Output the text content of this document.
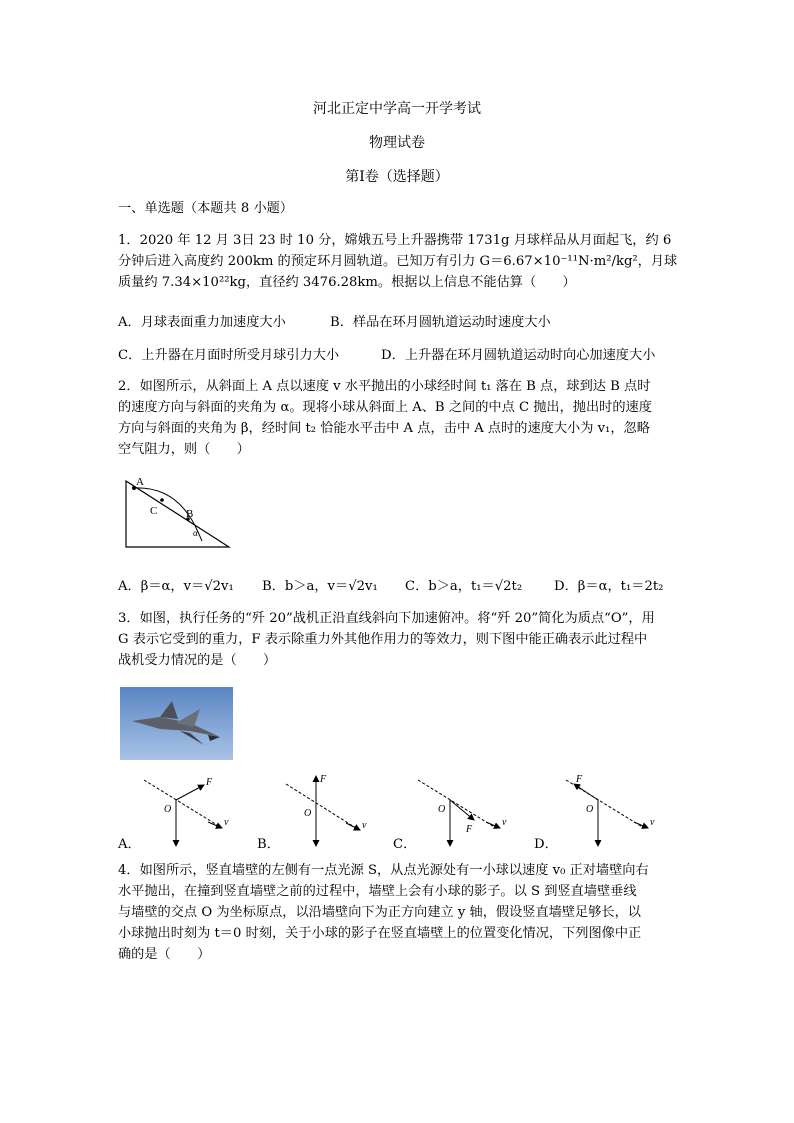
河北正定中学高一开学考试
物理试卷
第Ⅰ卷（选择题）
一、单选题（本题共 8 小题）
1．2020 年 12 月 3日 23 时 10 分，嫦娥五号上升器携带 1731g 月球样品从月面起飞，约 6
分钟后进入高度约 200km 的预定环月圆轨道。已知万有引力 G＝6.67×10⁻¹¹N·m²/kg²，月球
质量约 7.34×10²²kg，直径约 3476.28km。根据以上信息不能估算（　　）
A．月球表面重力加速度大小	B．样品在环月圆轨道运动时速度大小
C．上升器在月面时所受月球引力大小	D．上升器在环月圆轨道运动时向心加速度大小
2．如图所示，从斜面上 A 点以速度 v 水平抛出的小球经时间 t₁ 落在 B 点，球到达 B 点时
的速度方向与斜面的夹角为 α。现将小球从斜面上 A、B 之间的中点 C 抛出，抛出时的速度
方向与斜面的夹角为 β，经时间 t₂ 恰能水平击中 A 点，击中 A 点时的速度大小为 v₁，忽略
空气阻力，则（　　）
A
C	B
α
A．β＝α，v＝√2v₁ B．b＞a，v＝√2v₁ C．b＞a，t₁＝√2t₂ D．β＝α，t₁＝2t₂
3．如图，执行任务的“歼 20”战机正沿直线斜向下加速俯冲。将“歼 20”简化为质点“O”，用
G 表示它受到的重力，F 表示除重力外其他作用力的等效力，则下图中能正确表示此过程中
战机受力情况的是（　　）
F
O
v
F
O
v	F
O
v
F
O
v
A．	B．	C．	D．
4．如图所示，竖直墙壁的左侧有一点光源 S，从点光源处有一小球以速度 v₀ 正对墙壁向右
水平抛出，在撞到竖直墙壁之前的过程中，墙壁上会有小球的影子。以 S 到竖直墙壁垂线
与墙壁的交点 O 为坐标原点，以沿墙壁向下为正方向建立 y 轴，假设竖直墙壁足够长，以
小球抛出时刻为 t＝0 时刻，关于小球的影子在竖直墙壁上的位置变化情况，下列图像中正
确的是（　　）
